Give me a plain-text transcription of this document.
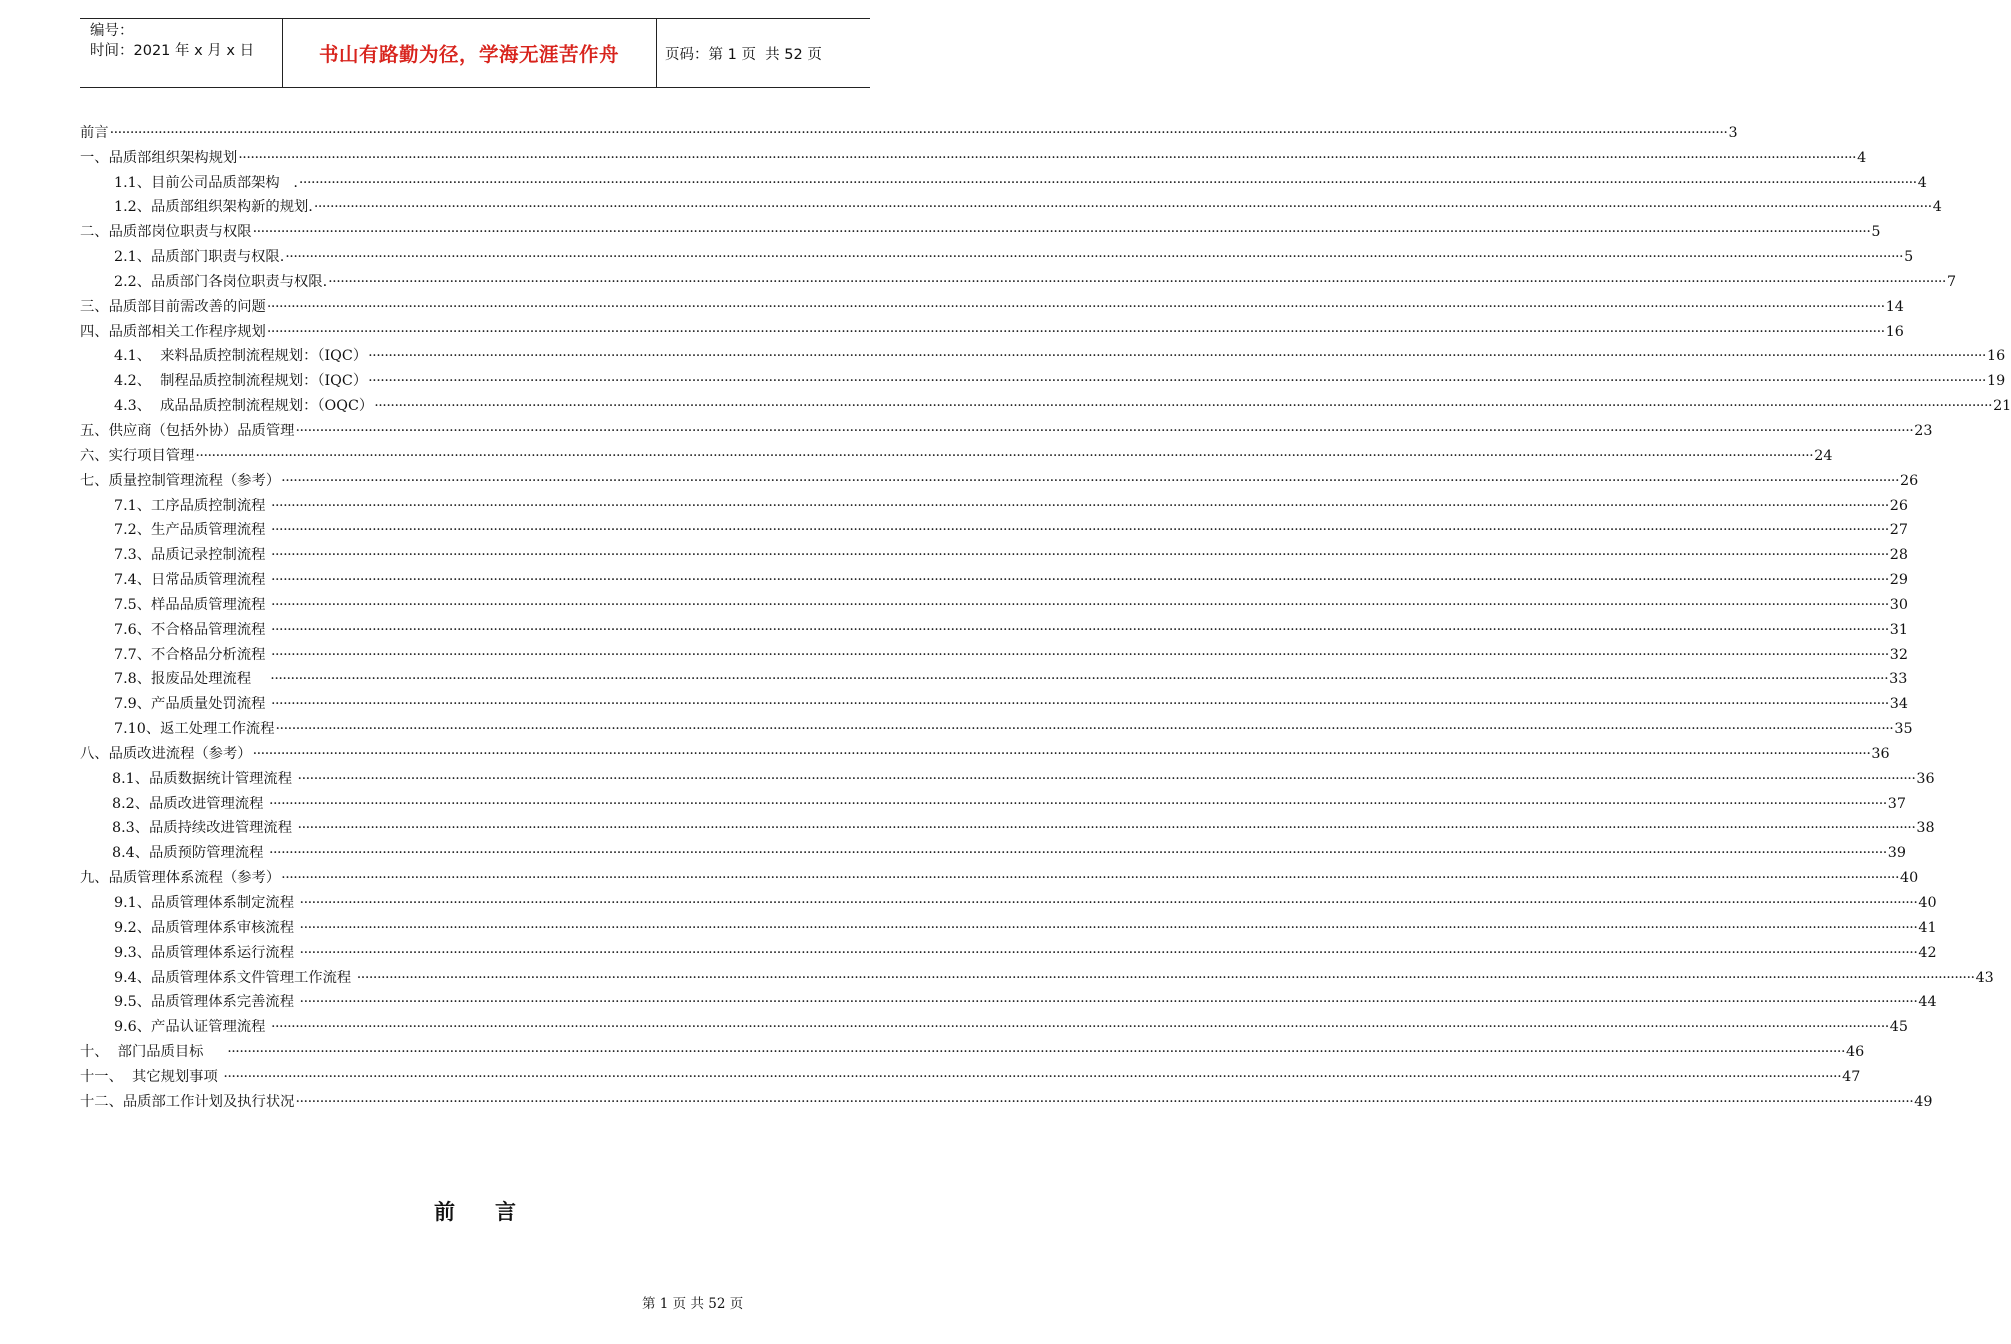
编号：
时间：2021 年 x 月 x 日	书山有路勤为径，学海无涯苦作舟	页码：第 1 页  共 52 页
前言 ················································································································································································································································································································································································································ 3
一、品质部组织架构规划 ················································································································································································································································································································································································································ 4
1.1、目前公司品质部架构   . ················································································································································································································································································································································································································ 4
1.2、品质部组织架构新的规划. ················································································································································································································································································································································································································ 4
二、品质部岗位职责与权限 ················································································································································································································································································································································································································ 5
2.1、品质部门职责与权限. ················································································································································································································································································································································································································ 5
2.2、品质部门各岗位职责与权限. ················································································································································································································································································································································································································ 7
三、品质部目前需改善的问题 ················································································································································································································································································································································································································ 14
四、品质部相关工作程序规划 ················································································································································································································································································································································································································ 16
4.1、  来料品质控制流程规划：（IQC） ················································································································································································································································································································································································································ 16
4.2、  制程品质控制流程规划：（IQC） ················································································································································································································································································································································································································ 19
4.3、  成品品质控制流程规划：（OQC） ················································································································································································································································································································································································································ 21
五、供应商（包括外协）品质管理 ················································································································································································································································································································································································································ 23
六、实行项目管理 ················································································································································································································································································································································································································ 24
七、质量控制管理流程（参考） ················································································································································································································································································································································································································ 26
7.1、工序品质控制流程 ················································································································································································································································································································································································································ 26
7.2、生产品质管理流程 ················································································································································································································································································································································································································ 27
7.3、品质记录控制流程 ················································································································································································································································································································································································································ 28
7.4、日常品质管理流程 ················································································································································································································································································································································································································ 29
7.5、样品品质管理流程 ················································································································································································································································································································································································································ 30
7.6、不合格品管理流程 ················································································································································································································································································································································································································ 31
7.7、不合格品分析流程 ················································································································································································································································································································································································································ 32
7.8、报废品处理流程 ················································································································································································································································································································································································································ 33
7.9、产品质量处罚流程 ················································································································································································································································································································································································································ 34
7.10、返工处理工作流程 ················································································································································································································································································································································································································ 35
八、品质改进流程（参考） ················································································································································································································································································································································································································ 36
8.1、品质数据统计管理流程 ················································································································································································································································································································································································································ 36
8.2、品质改进管理流程 ················································································································································································································································································································································································································ 37
8.3、品质持续改进管理流程 ················································································································································································································································································································································································································ 38
8.4、品质预防管理流程 ················································································································································································································································································································································································································ 39
九、品质管理体系流程（参考） ················································································································································································································································································································································································································ 40
9.1、品质管理体系制定流程 ················································································································································································································································································································································································································ 40
9.2、品质管理体系审核流程 ················································································································································································································································································································································································································ 41
9.3、品质管理体系运行流程 ················································································································································································································································································································································································································ 42
9.4、品质管理体系文件管理工作流程 ················································································································································································································································································································································································································ 43
9.5、品质管理体系完善流程 ················································································································································································································································································································································································································ 44
9.6、产品认证管理流程 ················································································································································································································································································································································································································ 45
十、  部门品质目标 ················································································································································································································································································································································································································ 46
十一、  其它规划事项 ················································································································································································································································································································································································································ 47
十二、品质部工作计划及执行状况 ················································································································································································································································································································································································································ 49
前言
第 1 页 共 52 页
